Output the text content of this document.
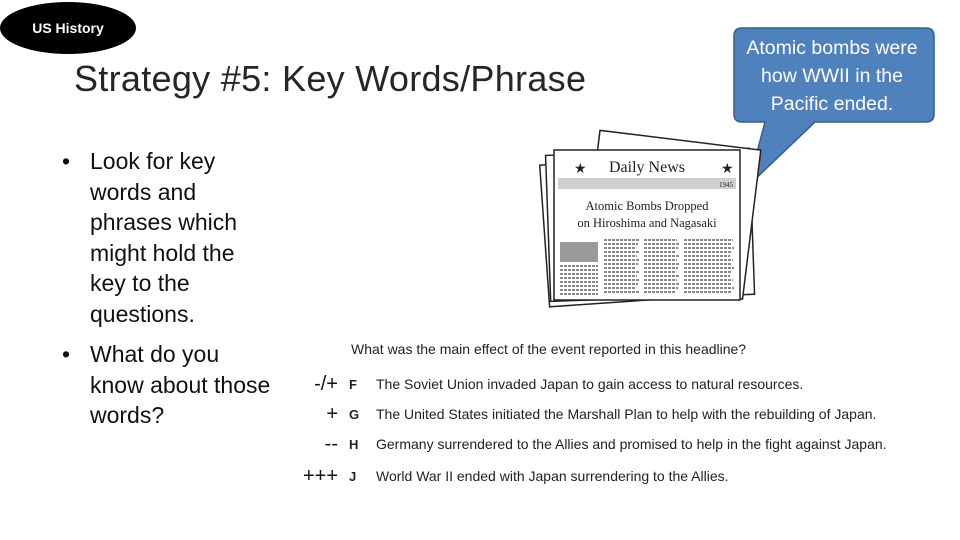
US History
Strategy #5: Key Words/Phrase
• Look for key words and phrases which might hold the key to the questions.
• What do you know about those words?
Atomic bombs were how WWII in the Pacific ended.
★	★
Daily News
1945
Atomic Bombs Dropped
on Hiroshima and Nagasaki
What was the main effect of the event reported in this headline?
-/+ F	The Soviet Union invaded Japan to gain access to natural resources.
+ G	The United States initiated the Marshall Plan to help with the rebuilding of Japan.
-- H	Germany surrendered to the Allies and promised to help in the fight against Japan.
+++ J	World War II ended with Japan surrendering to the Allies.
